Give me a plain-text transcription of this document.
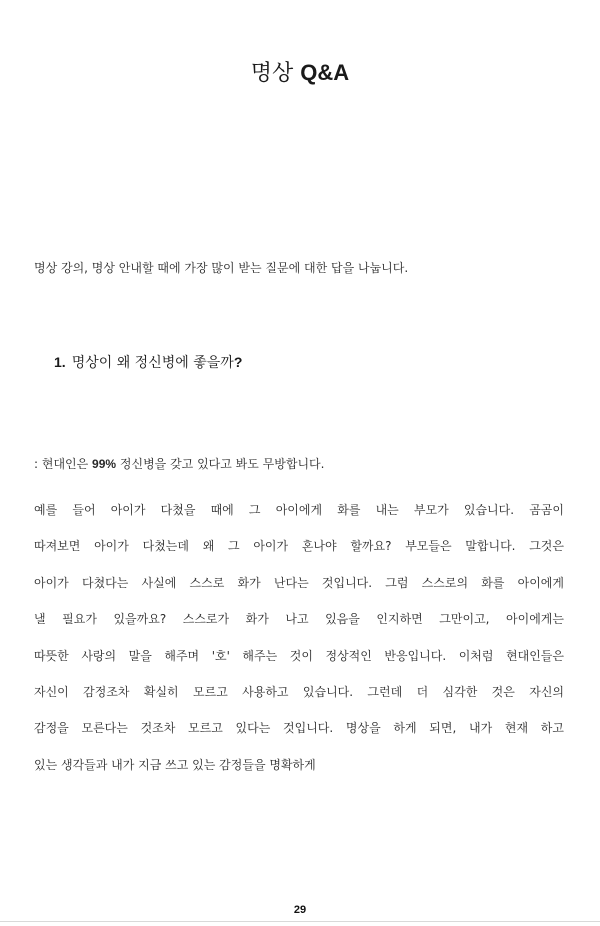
명상 Q&A
명상 강의, 명상 안내할 때에 가장 많이 받는 질문에 대한 답을 나눕니다.
1. 명상이 왜 정신병에 좋을까?
: 현대인은 99% 정신병을 갖고 있다고 봐도 무방합니다.
예를 들어 아이가 다쳤을 때에 그 아이에게 화를 내는 부모가 있습니다. 곰곰이
따져보면 아이가 다쳤는데 왜 그 아이가 혼나야 할까요? 부모들은 말합니다. 그것은
아이가 다쳤다는 사실에 스스로 화가 난다는 것입니다. 그럼 스스로의 화를 아이에게
낼 필요가 있을까요? 스스로가 화가 나고 있음을 인지하면 그만이고, 아이에게는
따뜻한 사랑의 말을 해주며 '호' 해주는 것이 정상적인 반응입니다. 이처럼 현대인들은
자신이 감정조차 확실히 모르고 사용하고 있습니다. 그런데 더 심각한 것은 자신의
감정을 모른다는 것조차 모르고 있다는 것입니다. 명상을 하게 되면, 내가 현재 하고
있는 생각들과 내가 지금 쓰고 있는 감정들을 명확하게
29
